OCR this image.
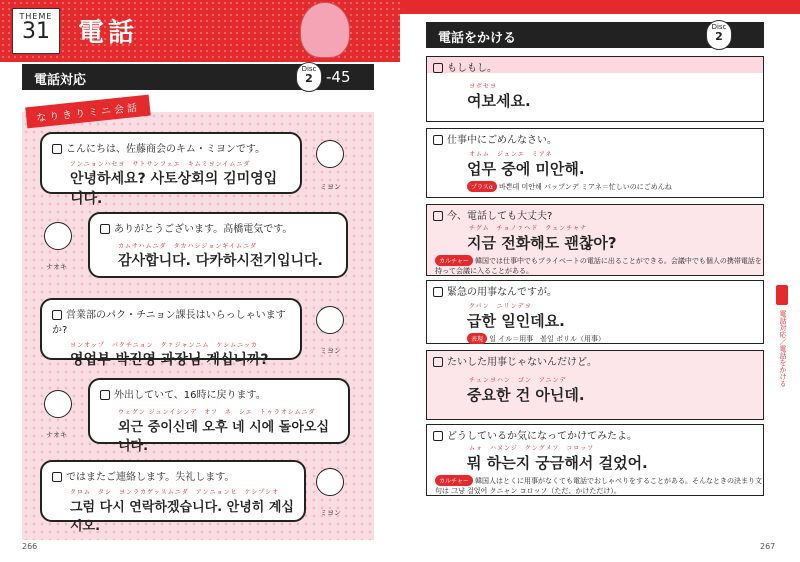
THEME
31	電話
電話対応
Disc
2 -45
なりきりミニ会話
こんにちは、佐藤商会のキム・ミヨンです。
アンニョンハセヨ　サトサンフェエ　キムミヨンイムニダ
안녕하세요? 사토상회의 김미영입니다.
ミヨン
ありがとうございます。高橋電気です。
カムサハムニダ　タカハシジョンギイムニダ
감사합니다. 다카하시전기입니다.
ナオキ
営業部のパク・チニョン課長はいらっしゃいますか?
ヨンオップ　パクチニョン　クァジャンニム　ケシムニッカ
영업부 박진영 과장님 계십니까?
ミヨン
外出していて、16時に戻ります。
ウェグン ジュンイシンデ　オフ　ネ　シエ　トゥラオシムニダ
외근 중이신데 오후 네 시에 돌아오십니다.
ナオキ
ではまたご連絡します。失礼します。
クロム　タシ　ヨンラカゲッスムニダ　アンニョンヒ　ケシプシオ
그럼 다시 연락하겠습니다. 안녕히 계십시오.
ミヨン
266
電話をかける
Disc
2 -46
もしもし。
ヨボセヨ
여보세요.
仕事中にごめんなさい。
オムム　ジュンエ　ミアネ
업무 중에 미안해.
プラスα 바쁜데 미안해 パップンデ ミアネ＝忙しいのにごめんね
今、電話しても大丈夫?
チグム　チョノァヘド　クェンチャナ
지금 전화해도 괜찮아?
カルチャー 韓国では仕事中でもプライベートの電話に出ることができる。会議中でも個人の携帯電話を持って会議に入ることがある。
緊急の用事なんですが。
クパン　ニリンデヨ
급한 일인데요.
表現 일 イル＝用事　볼일 ポリル（用事）
たいした用事じゃないんだけど。
チュンヨハン　ゴン　アニンデ
중요한 건 아닌데.
どうしているか気になってかけてみたよ。
ムォ　ハヌンジ　クングメソ　コロッソ
뭐 하는지 궁금해서 걸었어.
カルチャー 韓国人はとくに用事がなくても電話でおしゃべりをすることがある。そんなときの決まり文句は 그냥 걸었어 クニャン コロッソ（ただ、かけただけ）。
電話対応／電話をかける
267
